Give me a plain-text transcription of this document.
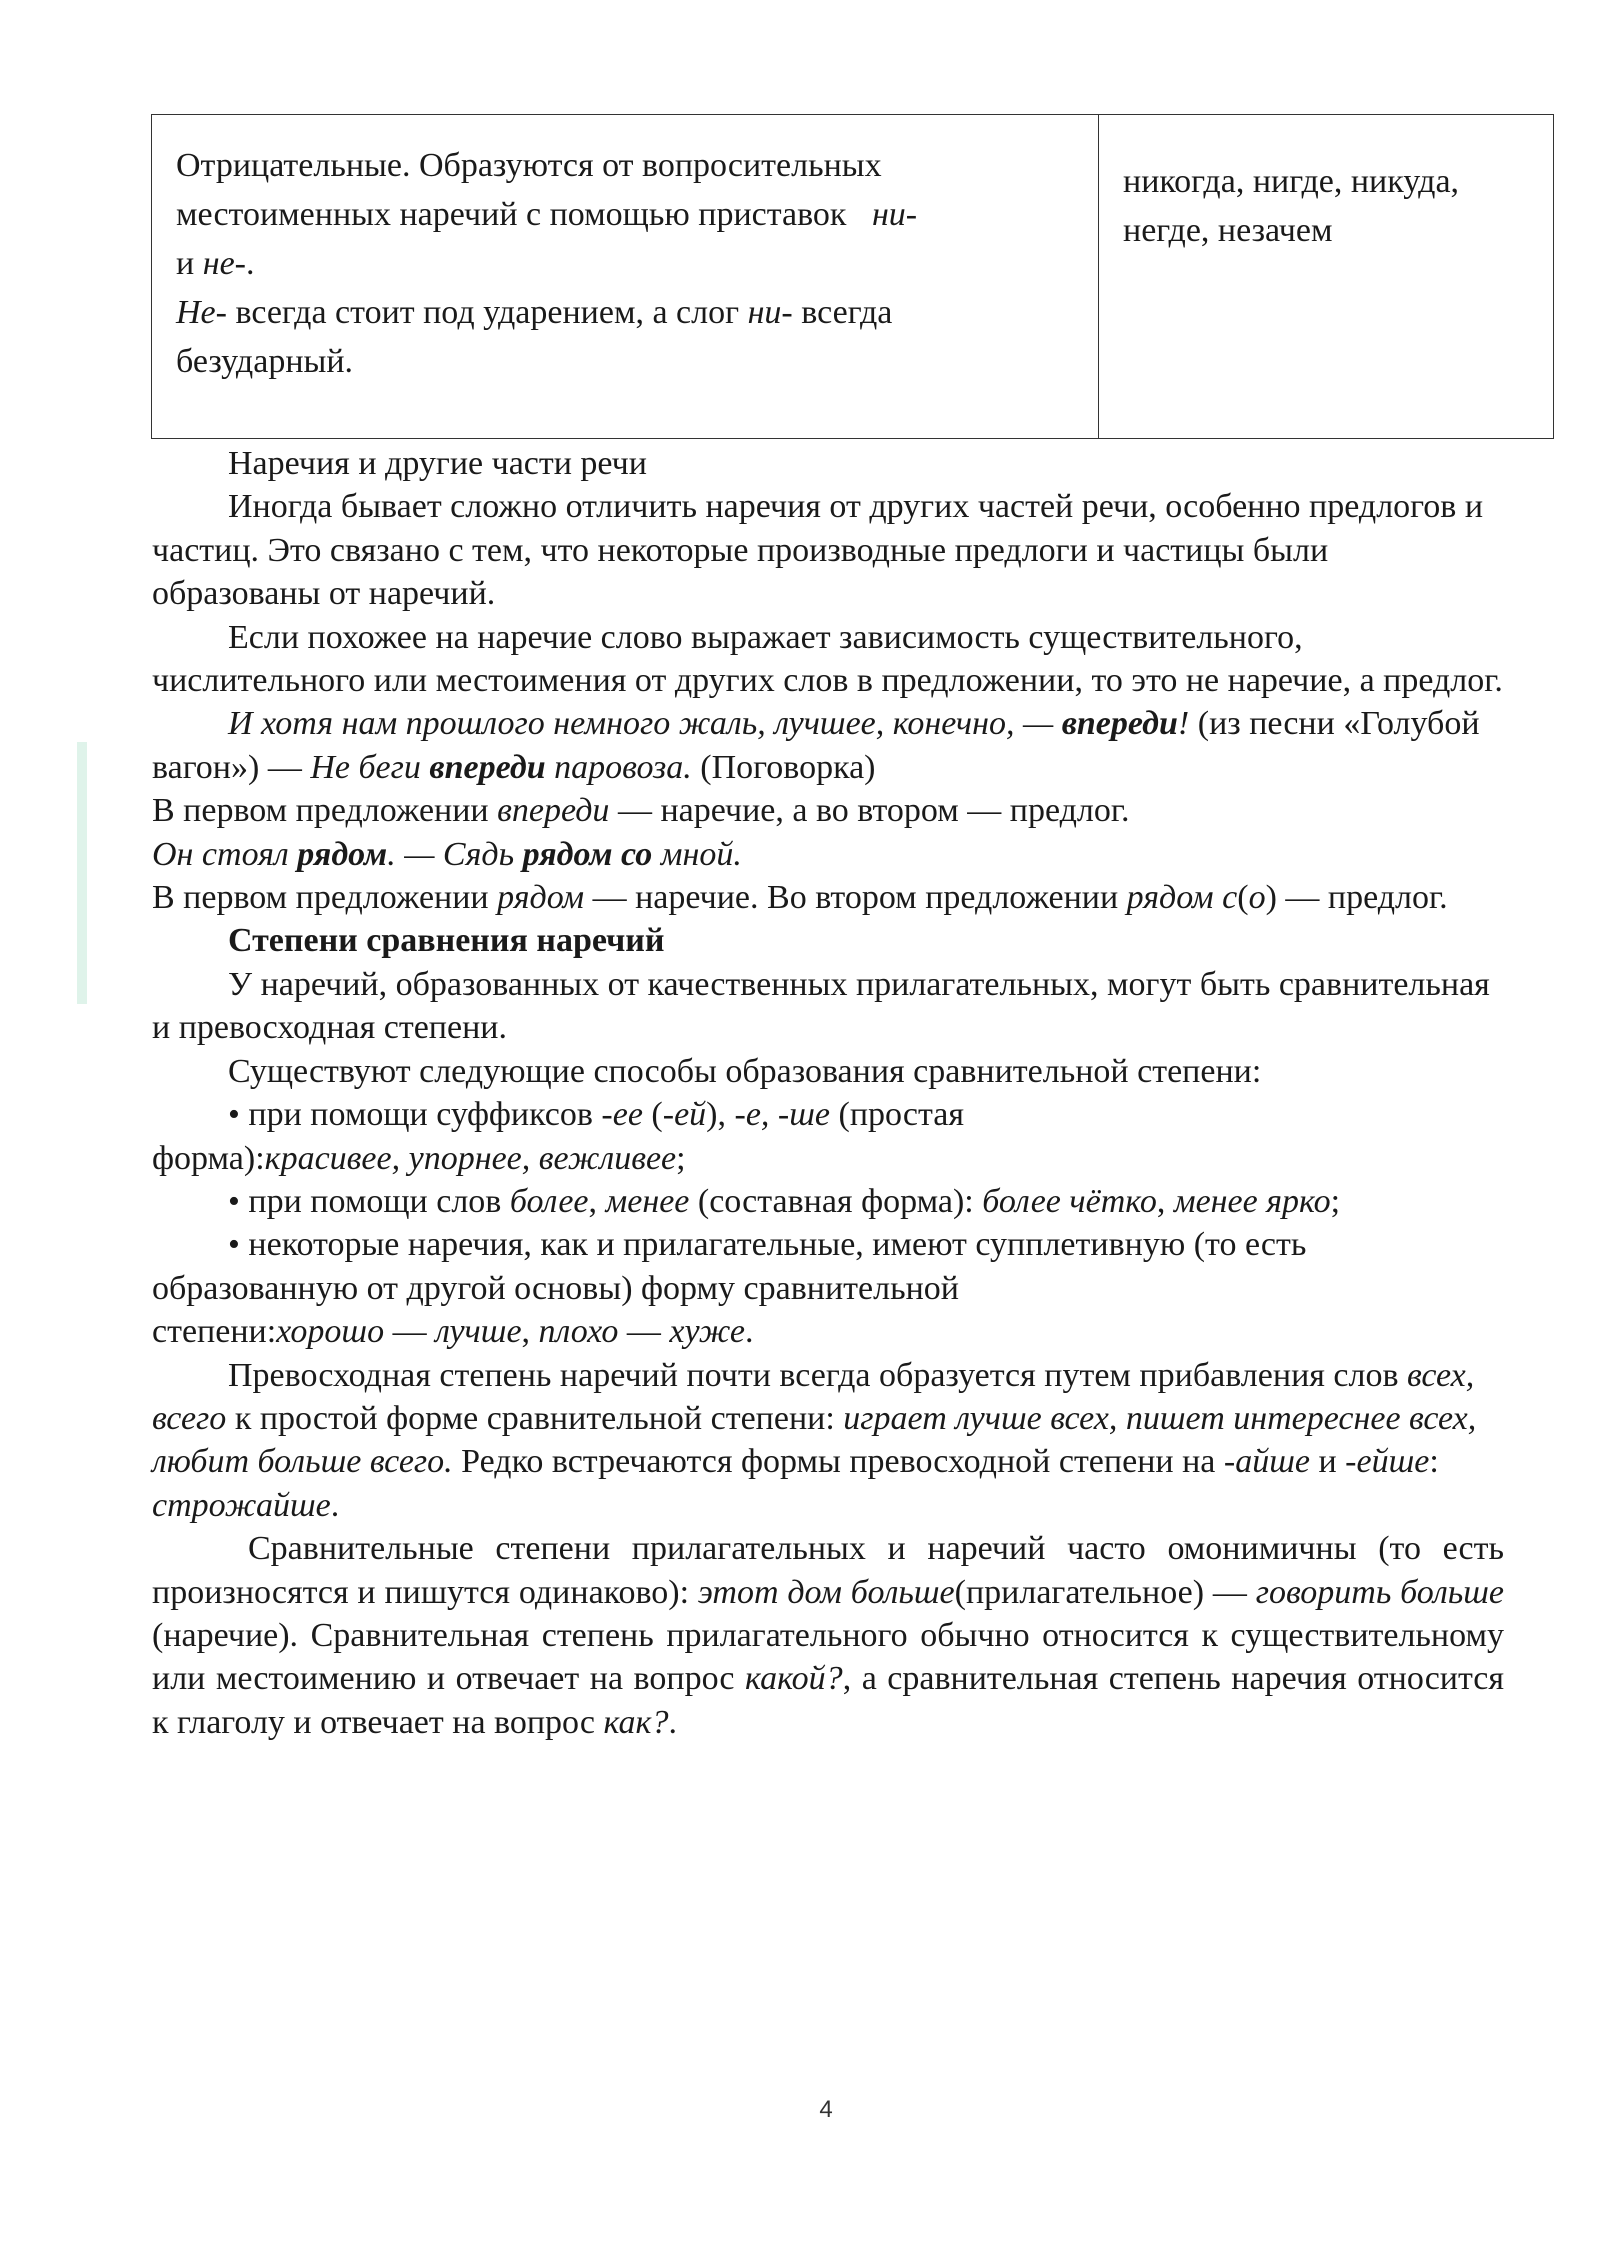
Отрицательные. Образуются от вопросительных
местоименных наречий с помощью приставок ни-
и не-.
Не- всегда стоит под ударением, а слог ни- всегда
безударный.	никогда, нигде, никуда,
негде, незачем

Наречия и другие части речи

Иногда бывает сложно отличить наречия от других частей речи, особенно предлогов и частиц. Это связано с тем, что некоторые производные предлоги и частицы были образованы от наречий.

Если похожее на наречие слово выражает зависимость существительного, числительного или местоимения от других слов в предложении, то это не наречие, а предлог.

И хотя нам прошлого немного жаль, лучшее, конечно, — впереди! (из песни «Голубой вагон») — Не беги впереди паровоза. (Поговорка)

В первом предложении впереди — наречие, а во втором — предлог.

Он стоял рядом. — Сядь рядом со мной.

В первом предложении рядом — наречие. Во втором предложении рядом с(о) — предлог.

Степени сравнения наречий

У наречий, образованных от качественных прилагательных, могут быть сравнительная и превосходная степени.

Существуют следующие способы образования сравнительной степени:

• при помощи суффиксов -ее (-ей), -е, -ше (простая
форма):красивее, упорнее, вежливее;

• при помощи слов более, менее (составная форма): более чётко, менее ярко;

• некоторые наречия, как и прилагательные, имеют супплетивную (то есть образованную от другой основы) форму сравнительной
степени:хорошо — лучше, плохо — хуже.

Превосходная степень наречий почти всегда образуется путем прибавления слов всех, всего к простой форме сравнительной степени: играет лучше всех, пишет интереснее всех, любит больше всего. Редко встречаются формы превосходной степени на -айше и -ейше: строжайше.

Сравнительные степени прилагательных и наречий часто омонимичны (то есть произносятся и пишутся одинаково): этот дом больше(прилагательное) — говорить больше (наречие). Сравнительная степень прилагательного обычно относится к существительному или местоимению и отвечает на вопрос какой?, а сравнительная степень наречия относится к глаголу и отвечает на вопрос как?.

4
